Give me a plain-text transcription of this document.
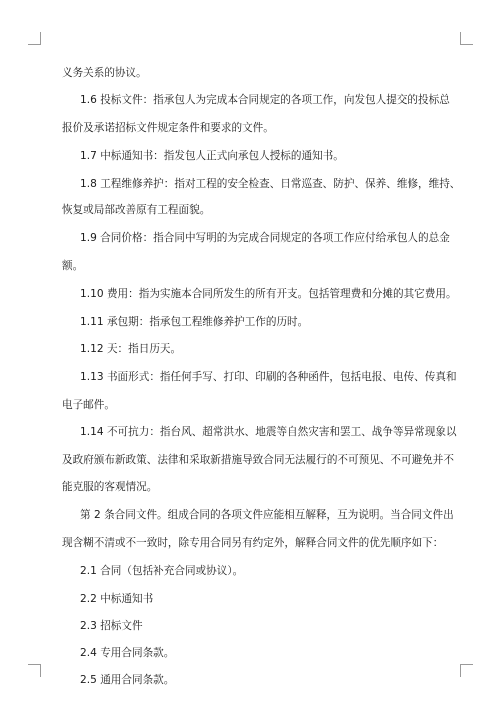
义务关系的协议。
1.6 投标文件：指承包人为完成本合同规定的各项工作，向发包人提交的投标总
报价及承诺招标文件规定条件和要求的文件。
1.7 中标通知书：指发包人正式向承包人授标的通知书。
1.8 工程维修养护：指对工程的安全检查、日常巡查、防护、保养、维修，维持、
恢复或局部改善原有工程面貌。
1.9 合同价格：指合同中写明的为完成合同规定的各项工作应付给承包人的总金
额。
1.10 费用：指为实施本合同所发生的所有开支。包括管理费和分摊的其它费用。
1.11 承包期：指承包工程维修养护工作的历时。
1.12 天：指日历天。
1.13 书面形式：指任何手写、打印、印刷的各种函件，包括电报、电传、传真和
电子邮件。
1.14 不可抗力：指台风、超常洪水、地震等自然灾害和罢工、战争等异常现象以
及政府颁布新政策、法律和采取新措施导致合同无法履行的不可预见、不可避免并不
能克服的客观情况。
第 2 条合同文件。组成合同的各项文件应能相互解释，互为说明。当合同文件出
现含糊不清或不一致时，除专用合同另有约定外，解释合同文件的优先顺序如下：
2.1 合同（包括补充合同或协议）。
2.2 中标通知书
2.3 招标文件
2.4 专用合同条款。
2.5 通用合同条款。
